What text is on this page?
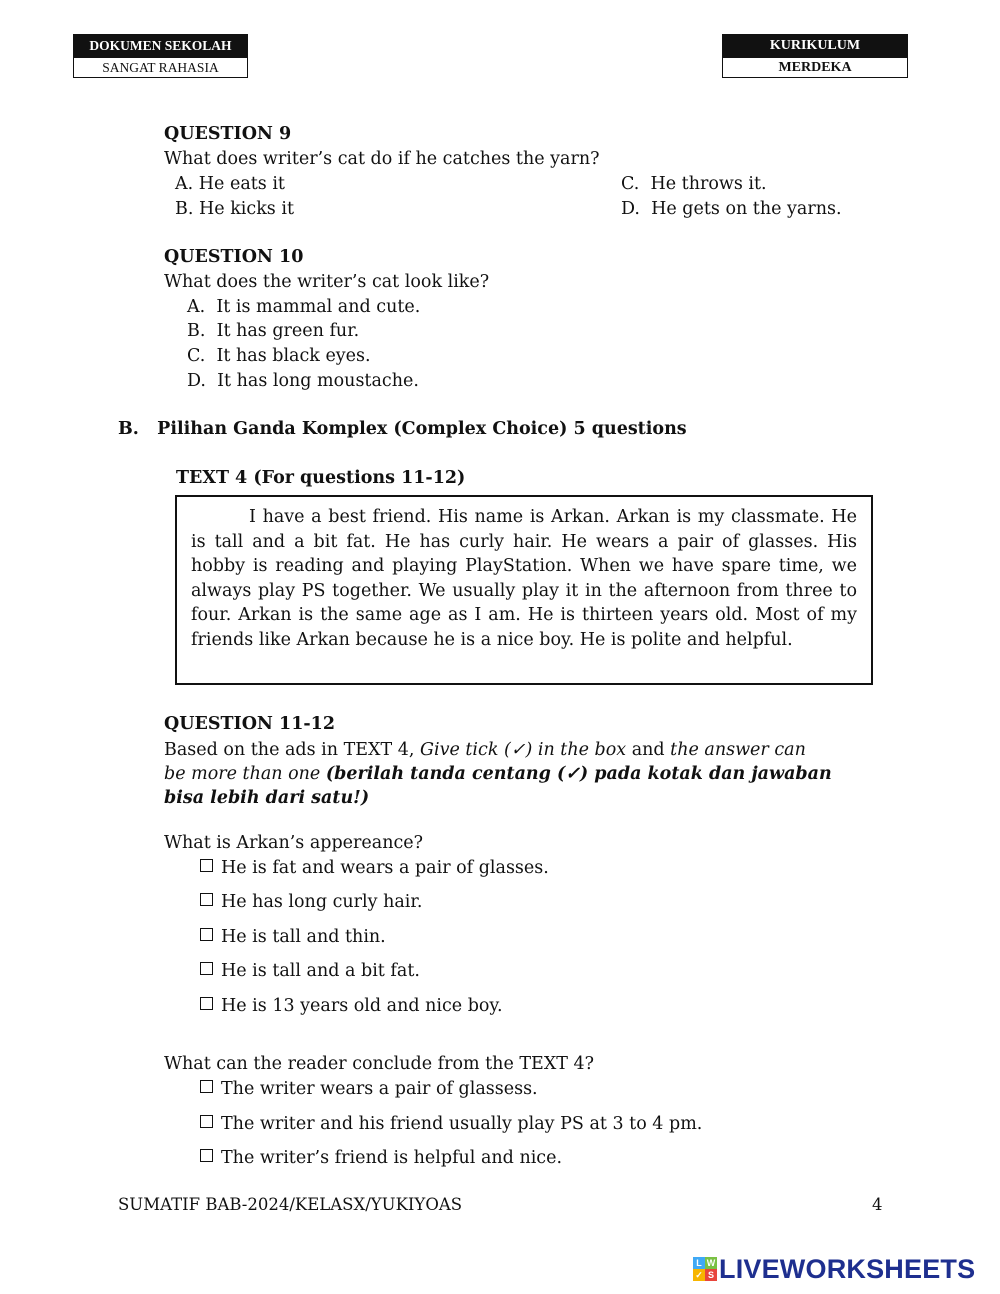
DOKUMEN SEKOLAH
SANGAT RAHASIA
KURIKULUM
MERDEKA
QUESTION 9
What does writer’s cat do if he catches the yarn?
A. He eats it
B. He kicks it
C. He throws it.
D. He gets on the yarns.
QUESTION 10
What does the writer’s cat look like?
A. It is mammal and cute.
B. It has green fur.
C. It has black eyes.
D. It has long moustache.
B. Pilihan Ganda Komplex (Complex Choice) 5 questions
TEXT 4 (For questions 11-12)
I have a best friend. His name is Arkan. Arkan is my classmate. He is tall and a bit fat. He has curly hair. He wears a pair of glasses. His hobby is reading and playing PlayStation. When we have spare time, we always play PS together. We usually play it in the afternoon from three to four. Arkan is the same age as I am. He is thirteen years old. Most of my friends like Arkan because he is a nice boy. He is polite and helpful.
QUESTION 11-12
Based on the ads in TEXT 4, Give tick (✓) in the box and the answer can
be more than one (berilah tanda centang (✓) pada kotak dan jawaban
bisa lebih dari satu!)
What is Arkan’s appereance?
He is fat and wears a pair of glasses.
He has long curly hair.
He is tall and thin.
He is tall and a bit fat.
He is 13 years old and nice boy.
What can the reader conclude from the TEXT 4?
The writer wears a pair of glassess.
The writer and his friend usually play PS at 3 to 4 pm.
The writer’s friend is helpful and nice.
SUMATIF BAB-2024/KELASX/YUKIYOAS	4
L W
✓ S LIVEWORKSHEETS
